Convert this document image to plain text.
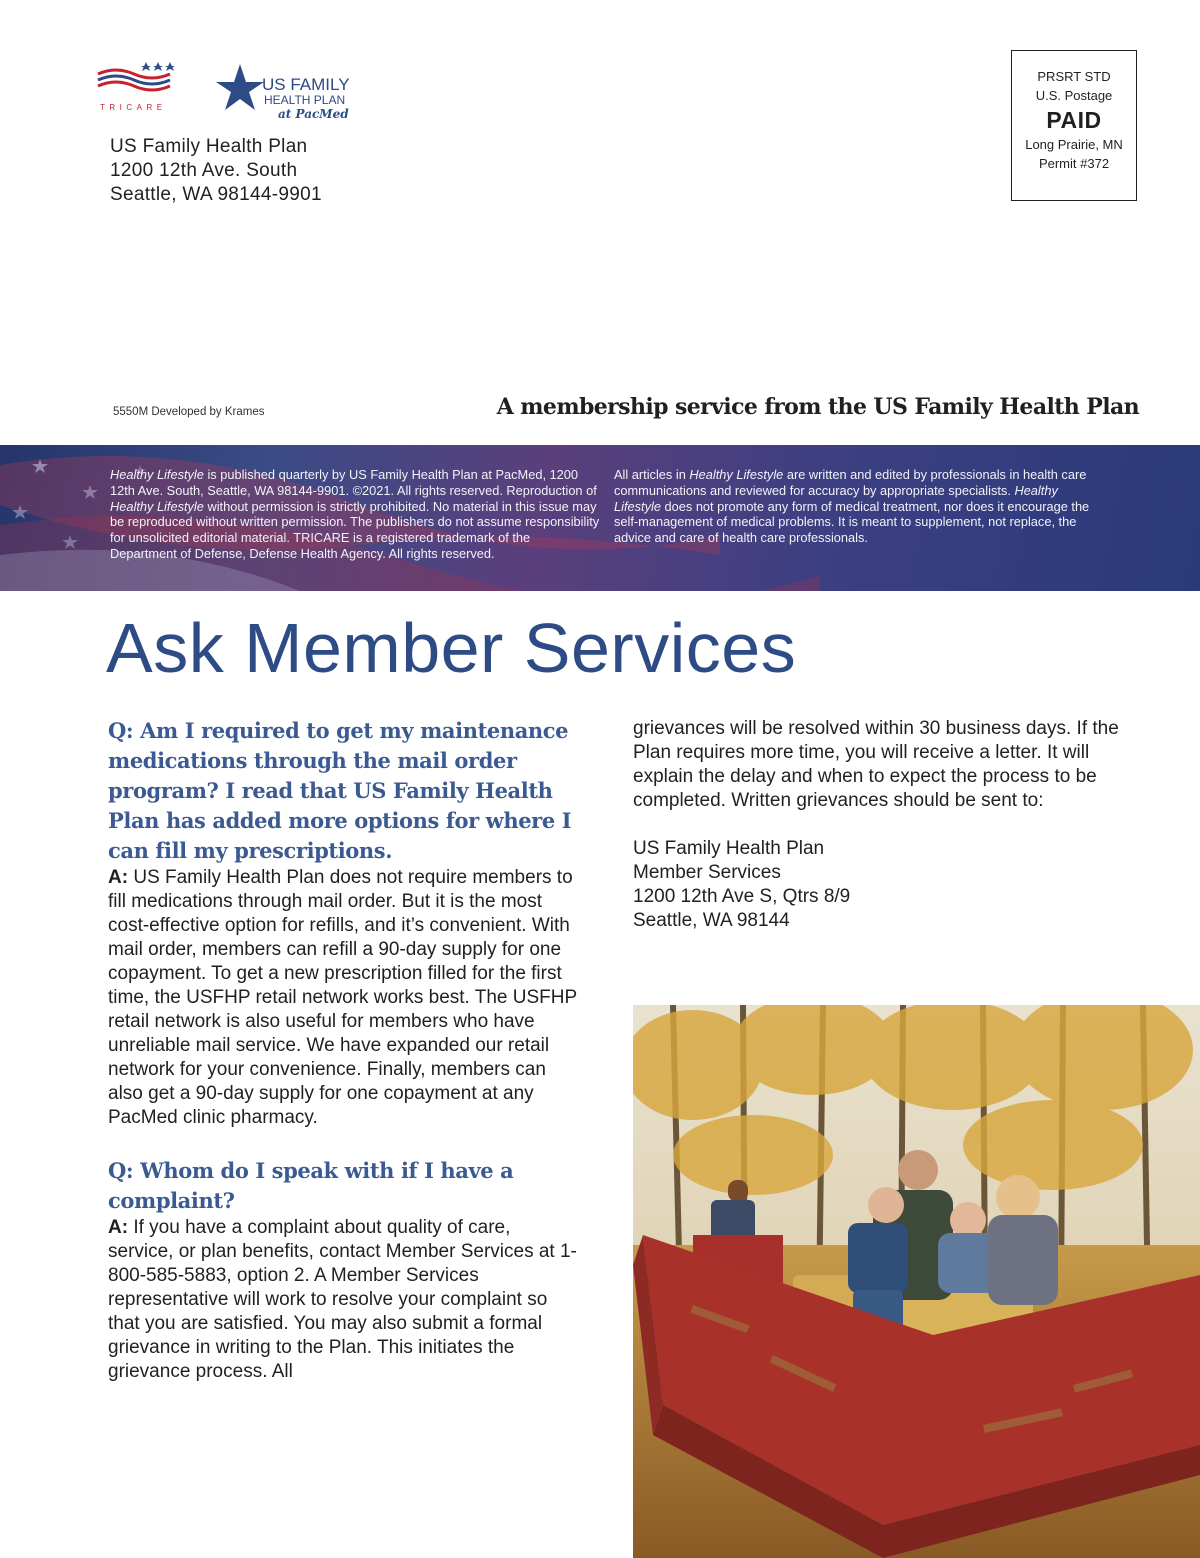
TRICARE
US FAMILY
HEALTH PLAN
at PacMed
US Family Health Plan
1200 12th Ave. South
Seattle, WA 98144-9901
PRSRT STD
U.S. Postage
PAID
Long Prairie, MN
Permit #372
5550M Developed by Krames	A membership service from the US Family Health Plan
Healthy Lifestyle is published quarterly by US Family Health Plan at PacMed, 1200 12th Ave. South, Seattle, WA 98144-9901. ©2021. All rights reserved. Reproduction of Healthy Lifestyle without permission is strictly prohibited. No material in this issue may be reproduced without written permission. The publishers do not assume responsibility for unsolicited editorial material. TRICARE is a registered trademark of the Department of Defense, Defense Health Agency. All rights reserved.
All articles in Healthy Lifestyle are written and edited by professionals in health care communications and reviewed for accuracy by appropriate specialists. Healthy Lifestyle does not promote any form of medical treatment, nor does it encourage the self-management of medical problems. It is meant to supplement, not replace, the advice and care of health care professionals.
Ask Member Services

Q: Am I required to get my maintenance medications through the mail order program? I read that US Family Health Plan has added more options for where I can fill my prescriptions.

A: US Family Health Plan does not require members to fill medications through mail order. But it is the most cost-effective option for refills, and it’s convenient. With mail order, members can refill a 90-day supply for one copayment. To get a new prescription filled for the first time, the USFHP retail network works best. The USFHP retail network is also useful for members who have unreliable mail service. We have expanded our retail network for your convenience. Finally, members can also get a 90-day supply for one copayment at any PacMed clinic pharmacy.

Q: Whom do I speak with if I have a complaint?

A: If you have a complaint about quality of care, service, or plan benefits, contact Member Services at 1-800-585-5883, option 2. A Member Services representative will work to resolve your complaint so that you are satisfied. You may also submit a formal grievance in writing to the Plan. This initiates the grievance process. All

grievances will be resolved within 30 business days. If the Plan requires more time, you will receive a letter. It will explain the delay and when to expect the process to be completed. Written grievances should be sent to:

US Family Health Plan
Member Services
1200 12th Ave S, Qtrs 8/9
Seattle, WA 98144
